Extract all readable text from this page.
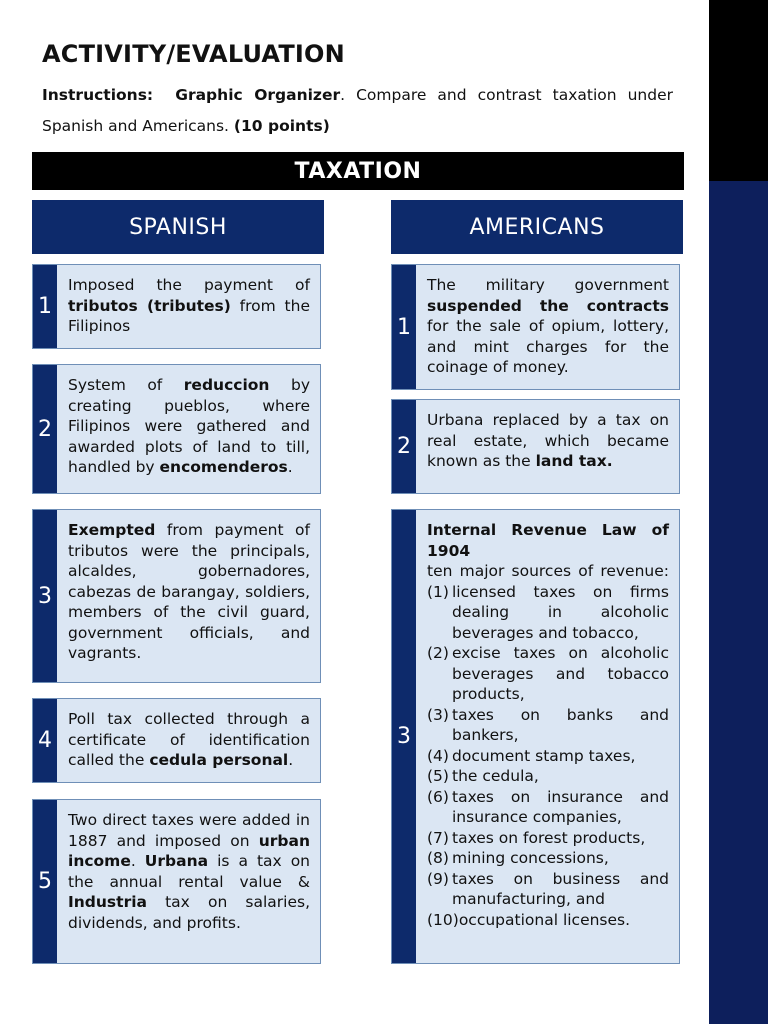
ACTIVITY/EVALUATION
Instructions: Graphic Organizer. Compare and contrast taxation under Spanish and Americans. (10 points)
TAXATION
SPANISH	AMERICANS
1
Imposed the payment of tributos (tributes) from the Filipinos
2
System of reduccion by creating pueblos, where Filipinos were gathered and awarded plots of land to till, handled by encomenderos.
3
Exempted from payment of tributos were the principals, alcaldes, gobernadores, cabezas de barangay, soldiers, members of the civil guard, government officials, and vagrants.
4
Poll tax collected through a certificate of identification called the cedula personal.
5
Two direct taxes were added in 1887 and imposed on urban income. Urbana is a tax on the annual rental value & Industria tax on salaries, dividends, and profits.
1
The military government suspended the contracts for the sale of opium, lottery, and mint charges for the coinage of money.
2
Urbana replaced by a tax on real estate, which became known as the land tax.
3
Internal Revenue Law of 1904
ten major sources of revenue:
(1) licensed taxes on firms dealing in alcoholic beverages and tobacco,
(2) excise taxes on alcoholic beverages and tobacco products,
(3) taxes on banks and bankers,
(4) document stamp taxes,
(5) the cedula,
(6) taxes on insurance and insurance companies,
(7) taxes on forest products,
(8) mining concessions,
(9) taxes on business and manufacturing, and
(10) occupational licenses.
